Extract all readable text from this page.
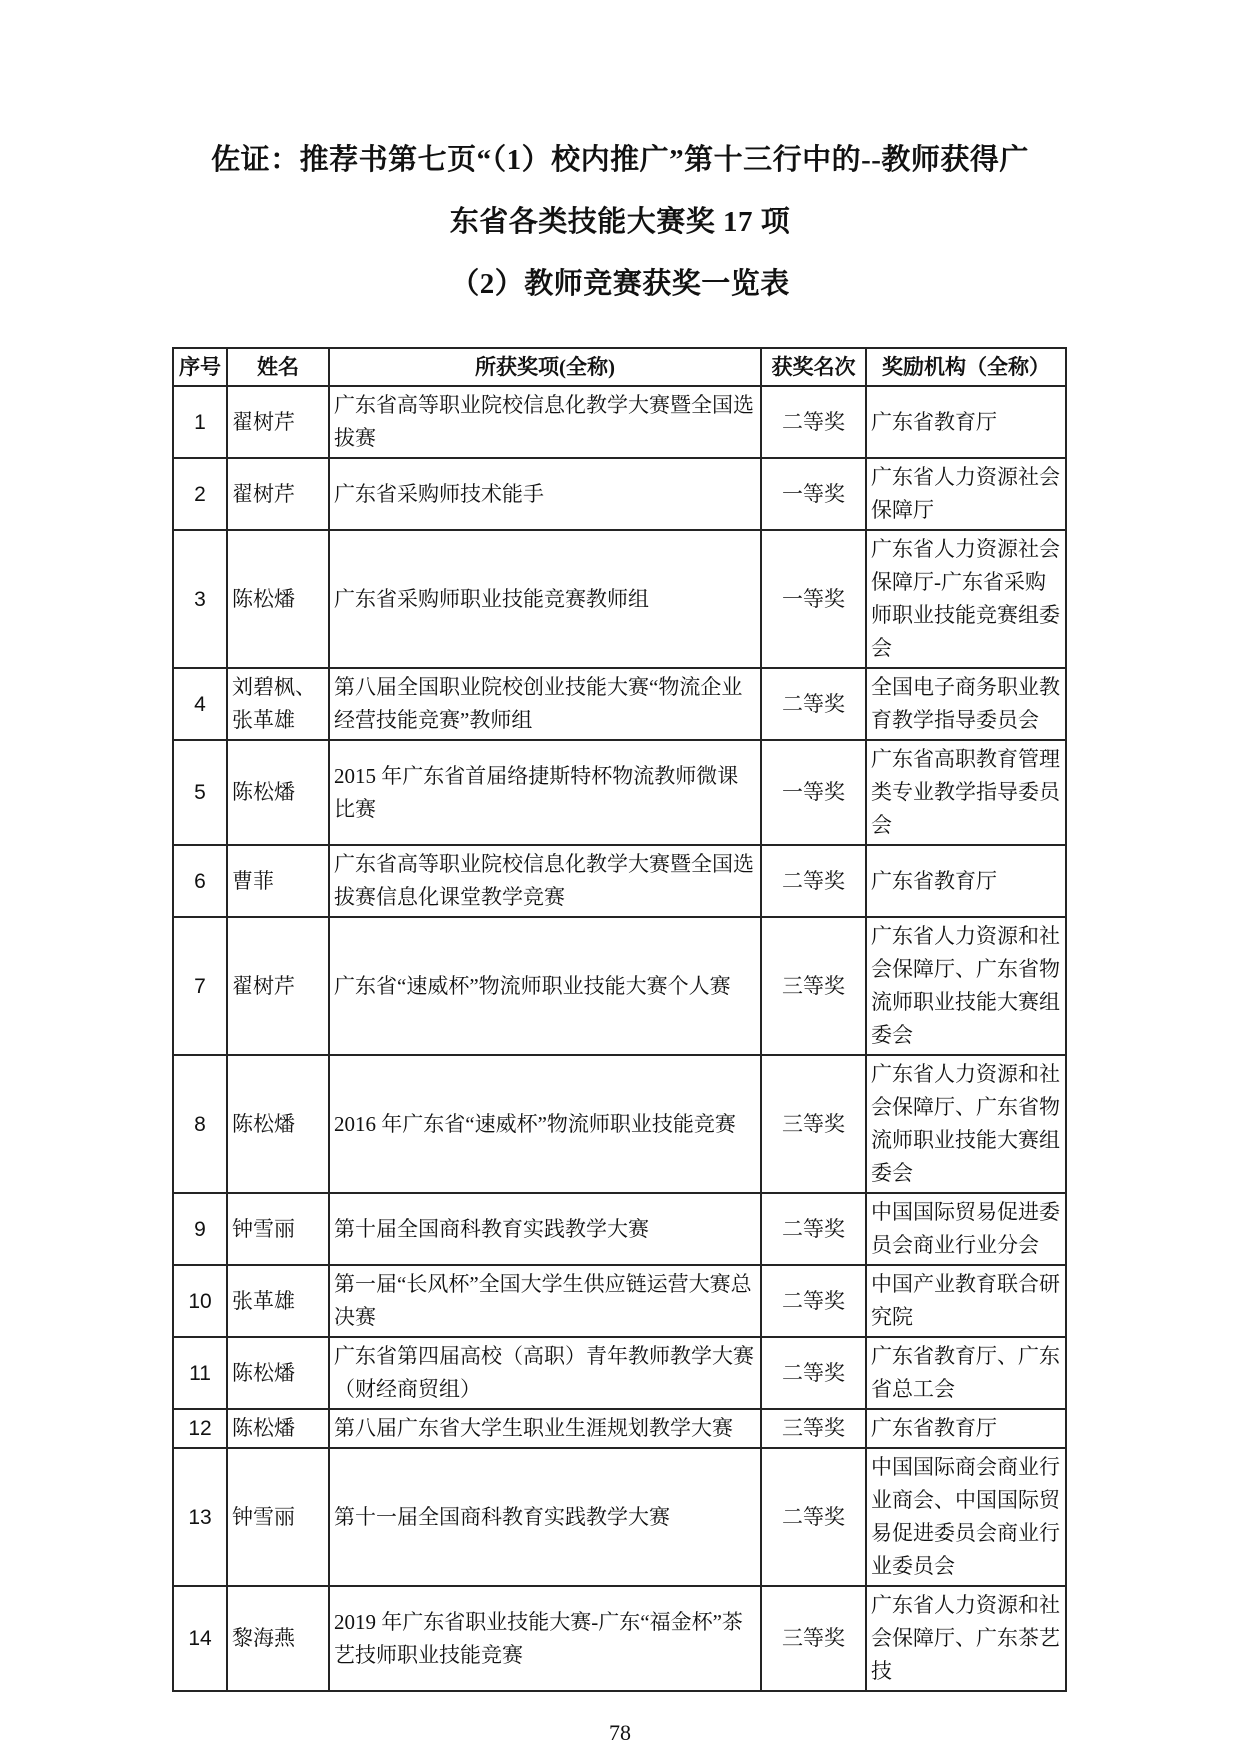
佐证：推荐书第七页“（1）校内推广”第十三行中的--教师获得广
东省各类技能大赛奖 17 项
（2）教师竞赛获奖一览表
序号	姓名	所获奖项(全称)	获奖名次	奖励机构（全称）
1	翟树芹	广东省高等职业院校信息化教学大赛暨全国选拔赛	二等奖	广东省教育厅
2	翟树芹	广东省采购师技术能手	一等奖	广东省人力资源社会保障厅
3	陈松燔	广东省采购师职业技能竞赛教师组	一等奖	广东省人力资源社会保障厅-广东省采购师职业技能竞赛组委会
4	刘碧枫、张革雄	第八届全国职业院校创业技能大赛“物流企业经营技能竞赛”教师组	二等奖	全国电子商务职业教育教学指导委员会
5	陈松燔	2015 年广东省首届络捷斯特杯物流教师微课比赛	一等奖	广东省高职教育管理类专业教学指导委员会
6	曹菲	广东省高等职业院校信息化教学大赛暨全国选拔赛信息化课堂教学竞赛	二等奖	广东省教育厅
7	翟树芹	广东省“速威杯”物流师职业技能大赛个人赛	三等奖	广东省人力资源和社会保障厅、广东省物流师职业技能大赛组委会
8	陈松燔	2016 年广东省“速威杯”物流师职业技能竞赛	三等奖	广东省人力资源和社会保障厅、广东省物流师职业技能大赛组委会
9	钟雪丽	第十届全国商科教育实践教学大赛	二等奖	中国国际贸易促进委员会商业行业分会
10	张革雄	第一届“长风杯”全国大学生供应链运营大赛总决赛	二等奖	中国产业教育联合研究院
11	陈松燔	广东省第四届高校（高职）青年教师教学大赛（财经商贸组）	二等奖	广东省教育厅、广东省总工会
12	陈松燔	第八届广东省大学生职业生涯规划教学大赛	三等奖	广东省教育厅
13	钟雪丽	第十一届全国商科教育实践教学大赛	二等奖	中国国际商会商业行业商会、中国国际贸易促进委员会商业行业委员会
14	黎海燕	2019 年广东省职业技能大赛-广东“福金杯”茶艺技师职业技能竞赛	三等奖	广东省人力资源和社会保障厅、广东茶艺技
78
